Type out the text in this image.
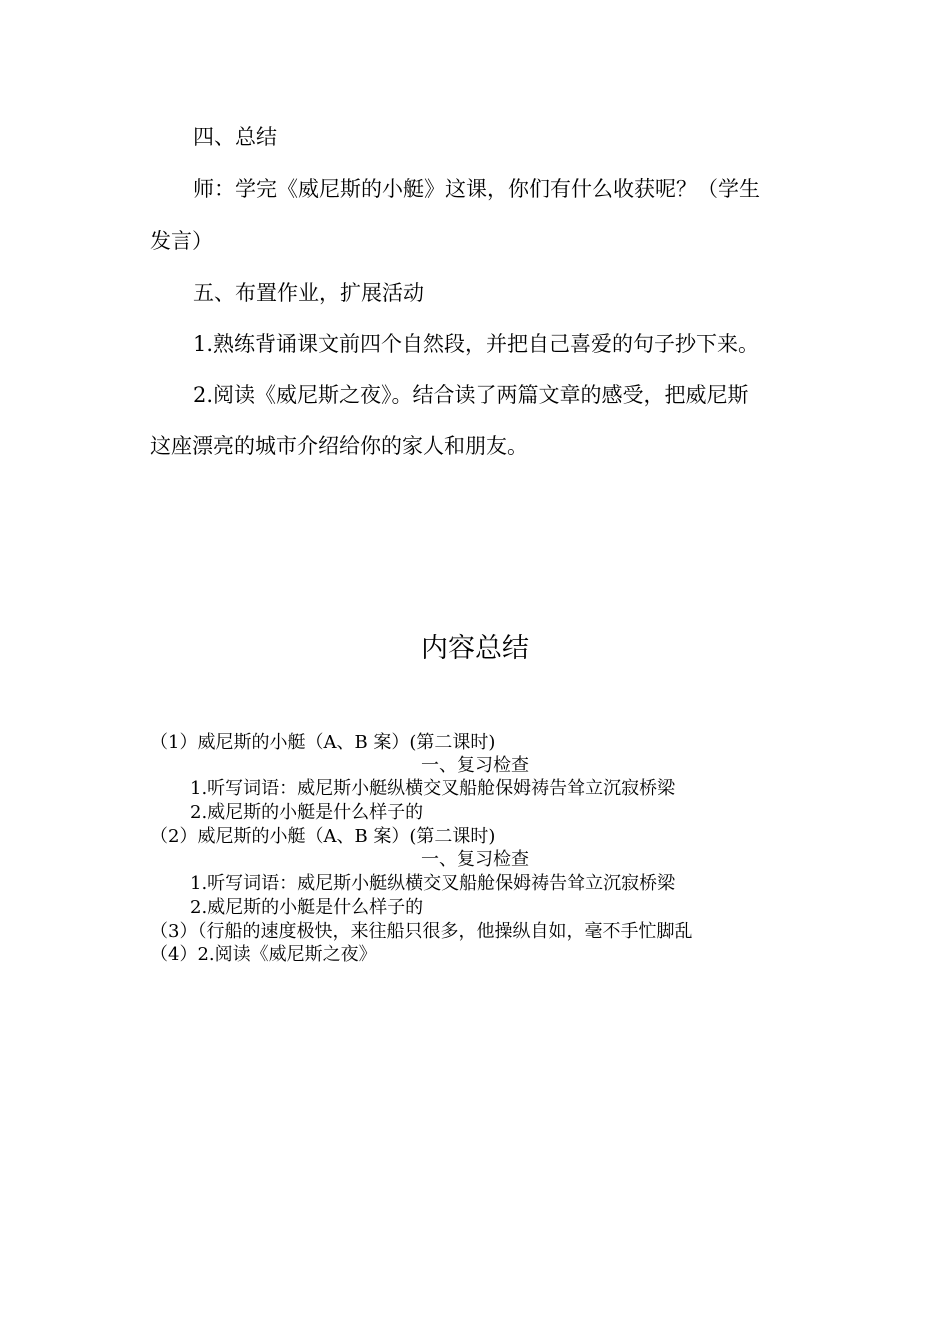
四、总结
师：学完《威尼斯的小艇》这课，你们有什么收获呢？（学生
发言）
五、布置作业，扩展活动
1.熟练背诵课文前四个自然段，并把自己喜爱的句子抄下来。
2.阅读《威尼斯之夜》。结合读了两篇文章的感受，把威尼斯
这座漂亮的城市介绍给你的家人和朋友。
内容总结
（1）威尼斯的小艇（A、B 案）(第二课时)
一、复习检查
1.听写词语：威尼斯小艇纵横交叉船舱保姆祷告耸立沉寂桥梁
2.威尼斯的小艇是什么样子的
（2）威尼斯的小艇（A、B 案）(第二课时)
一、复习检查
1.听写词语：威尼斯小艇纵横交叉船舱保姆祷告耸立沉寂桥梁
2.威尼斯的小艇是什么样子的
（3）（行船的速度极快，来往船只很多，他操纵自如，毫不手忙脚乱
（4）2.阅读《威尼斯之夜》
